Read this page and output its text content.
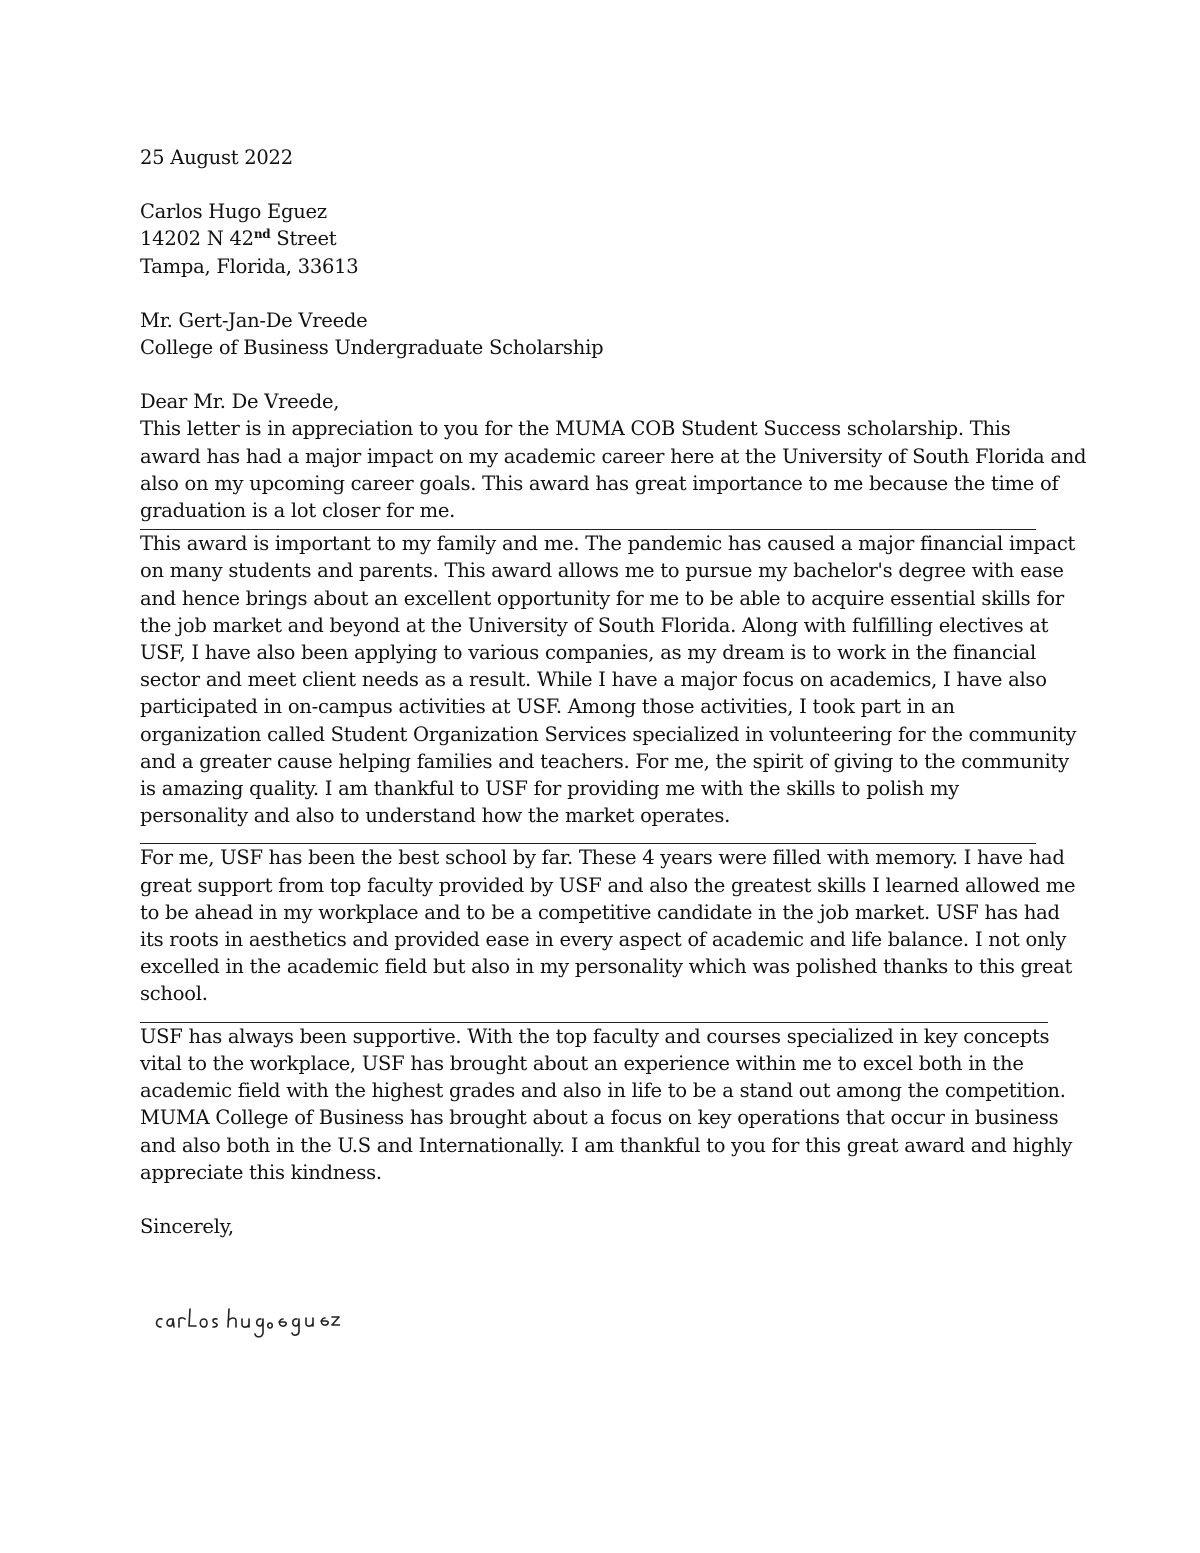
25 August 2022
Carlos Hugo Eguez
14202 N 42nd Street
Tampa, Florida, 33613
Mr. Gert-Jan-De Vreede
College of Business Undergraduate Scholarship
Dear Mr. De Vreede,
This letter is in appreciation to you for the MUMA COB Student Success scholarship. This
award has had a major impact on my academic career here at the University of South Florida and
also on my upcoming career goals. This award has great importance to me because the time of
graduation is a lot closer for me.
This award is important to my family and me. The pandemic has caused a major financial impact
on many students and parents. This award allows me to pursue my bachelor's degree with ease
and hence brings about an excellent opportunity for me to be able to acquire essential skills for
the job market and beyond at the University of South Florida. Along with fulfilling electives at
USF, I have also been applying to various companies, as my dream is to work in the financial
sector and meet client needs as a result. While I have a major focus on academics, I have also
participated in on-campus activities at USF. Among those activities, I took part in an
organization called Student Organization Services specialized in volunteering for the community
and a greater cause helping families and teachers. For me, the spirit of giving to the community
is amazing quality. I am thankful to USF for providing me with the skills to polish my
personality and also to understand how the market operates.
For me, USF has been the best school by far. These 4 years were filled with memory. I have had
great support from top faculty provided by USF and also the greatest skills I learned allowed me
to be ahead in my workplace and to be a competitive candidate in the job market. USF has had
its roots in aesthetics and provided ease in every aspect of academic and life balance. I not only
excelled in the academic field but also in my personality which was polished thanks to this great
school.
USF has always been supportive. With the top faculty and courses specialized in key concepts
vital to the workplace, USF has brought about an experience within me to excel both in the
academic field with the highest grades and also in life to be a stand out among the competition.
MUMA College of Business has brought about a focus on key operations that occur in business
and also both in the U.S and Internationally. I am thankful to you for this great award and highly
appreciate this kindness.
Sincerely,
